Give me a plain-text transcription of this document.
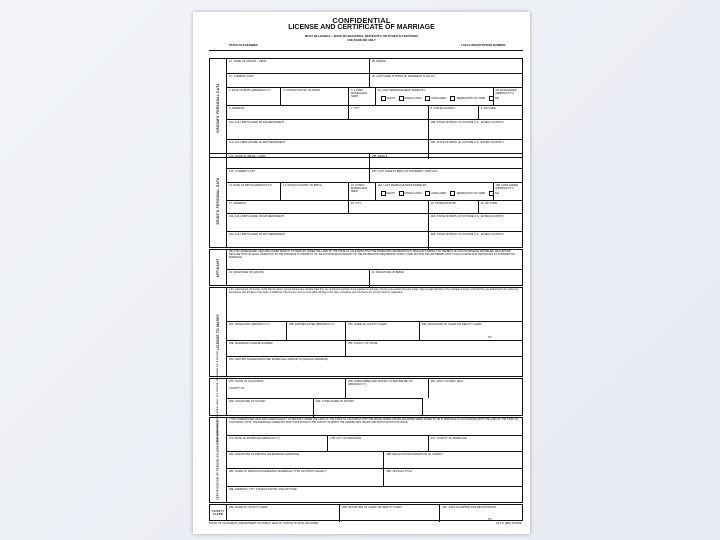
CONFIDENTIAL
LICENSE AND CERTIFICATE OF MARRIAGE
MUST BE LEGIBLE – MAKE NO ERASURES, WHITEOUTS, OR OTHER ALTERATIONS
USE DARK INK ONLY
STATE FILE NUMBER	LOCAL REGISTRATION NUMBER
GROOM'S PERSONAL DATA
1A. NAME OF GROOM – FIRST	1B. MIDDLE
1C. CURRENT LAST	1D. LAST NAME AT BIRTH (IF DIFFERENT THAN 1C)
2. DATE OF BIRTH (MM/DD/CCYY)	3. STATE/COUNTRY OF BIRTH	4. # PREV. MARRIAGES/ SRDP
5A. LAST MARRIAGE/SRDP ENDED BY:
DEATH	DISSOLUTION	ANNULMENT	TERMINATION OF SRDP	N/A
5B. DATE ENDED (MM/DD/CCYY)
6. ADDRESS	7. CITY	8. STATE/COUNTRY	9. ZIP CODE
10A. FULL BIRTH NAME OF FATHER/PARENT	10B. STATE OF BIRTH (IF OUTSIDE U.S., ENTER COUNTRY)
11A. FULL BIRTH NAME OF MOTHER/PARENT	11B. STATE OF BIRTH (IF OUTSIDE U.S., ENTER COUNTRY)
BRIDE'S PERSONAL DATA
12A. NAME OF BRIDE – FIRST	12B. MIDDLE
12C. CURRENT LAST	12D. LAST NAME AT BIRTH (IF DIFFERENT THAN 12C)
13. DATE OF BIRTH (MM/DD/CCYY)	14. STATE/COUNTRY OF BIRTH	15. # PREV. MARRIAGES/ SRDP
16A. LAST MARRIAGE/SRDP ENDED BY:
DEATH	DISSOLUTION	ANNULMENT	TERMINATION OF SRDP	N/A
16B. DATE ENDED (MM/DD/CCYY)
17. ADDRESS	18. CITY	19. STATE/COUNTRY	20. ZIP CODE
21A. FULL BIRTH NAME OF FATHER/PARENT	21B. STATE OF BIRTH (IF OUTSIDE U.S., ENTER COUNTRY)
22A. FULL BIRTH NAME OF MOTHER/PARENT	22B. STATE OF BIRTH (IF OUTSIDE U.S., ENTER COUNTRY)
AFFIDAVIT
WE, THE UNDERSIGNED, DECLARE UNDER PENALTY OF PERJURY UNDER THE LAWS OF THE STATE OF CALIFORNIA THAT THE FOREGOING INFORMATION IS TRUE AND CORRECT TO THE BEST OF OUR KNOWLEDGE AND BELIEF. WE FURTHER DECLARE THAT NO LEGAL OBJECTION TO THE MARRIAGE IS KNOWN TO US. WE ACKNOWLEDGE RECEIPT OF THE INFORMATION REQUIRED BY FAMILY CODE SECTION 358 AND HEREBY APPLY FOR A LICENSE AND CERTIFICATE OF CONFIDENTIAL MARRIAGE.
23. SIGNATURE OF GROOM	24. SIGNATURE OF BRIDE
LICENSE TO MARRY
I, the undersigned, do hereby certify that the above-named parties have declared that they are unmarried and have lived together as spouses, that they are at least 18 years of age, that no legal objection to the marriage is known, and that they are authorized to be married in accordance with the laws of the State of California. This license must be used within 90 days of the date of issuance and returned to the County Clerk for registration.
25A. ISSUE DATE (MM/DD/CCYY)	25B. EXPIRES AFTER (MM/DD/CCYY)	25C. NAME OF COUNTY CLERK	25D. SIGNATURE OF CLERK OR DEPUTY CLERK
BY
25E. MARRIAGE LICENSE NUMBER	25F. COUNTY OF ISSUE
25G. RETURN SIGNED/CERTIFIED MARRIAGE LICENSE TO (MAILING ADDRESS)
ITEMS 26A-26F COMPLETED ONLY IF LICENSE IS ISSUED TO A MINOR	26A. STATE OF CALIFORNIA
COUNTY OF
26B. SUBSCRIBED AND SWORN TO BEFORE ME ON (MM/DD/CCYY)
26C. APPLY NOTARY SEAL
26D. SIGNATURE OF NOTARY	26E. TYPED NAME OF NOTARY
CERTIFICATION OF PERSON SOLEMNIZING MARRIAGE
I, THE UNDERSIGNED, DECLARE UNDER PENALTY OF PERJURY UNDER THE LAWS OF THE STATE OF CALIFORNIA THAT THE ABOVE-NAMED GROOM AND BRIDE WERE JOINED BY ME IN MARRIAGE IN ACCORDANCE WITH THE LAWS OF THE STATE OF CALIFORNIA. NOTE: THE MARRIAGE CEREMONY MUST TAKE PLACE IN THE COUNTY IN WHICH THE LICENSE WAS ISSUED AND WITHIN 90 DAYS OF ISSUE.
27A. DATE OF MARRIAGE (MM/DD/CCYY)	27B. CITY OF MARRIAGE	27C. COUNTY OF MARRIAGE
28A. SIGNATURE OF PERSON SOLEMNIZING MARRIAGE	28B. RELIGIOUS DENOMINATION (IF CLERGY)
28C. NAME OF PERSON SOLEMNIZING MARRIAGE (TYPE OR PRINT CLEARLY)	28D. OFFICIAL TITLE
28E. ADDRESS, CITY, STATE/COUNTRY, AND ZIP CODE
COUNTY CLERK
29A. NAME OF COUNTY CLERK	29B. SIGNATURE OF CLERK OR DEPUTY CLERK
BY
29C. DATE ACCEPTED FOR REGISTRATION
STATE OF CALIFORNIA, DEPARTMENT OF PUBLIC HEALTH, OFFICE OF VITAL RECORDS	VS 117 (REV 01/2009)
